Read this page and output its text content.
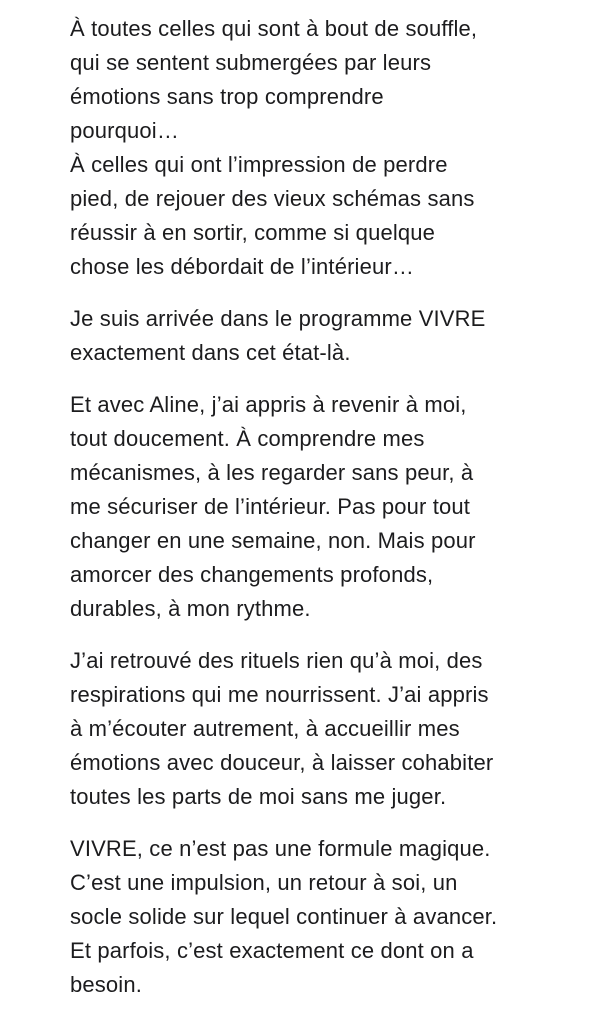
À toutes celles qui sont à bout de souffle,
qui se sentent submergées par leurs
émotions sans trop comprendre
pourquoi…
À celles qui ont l’impression de perdre
pied, de rejouer des vieux schémas sans
réussir à en sortir, comme si quelque
chose les débordait de l’intérieur…

Je suis arrivée dans le programme VIVRE
exactement dans cet état-là.

Et avec Aline, j’ai appris à revenir à moi,
tout doucement. À comprendre mes
mécanismes, à les regarder sans peur, à
me sécuriser de l’intérieur. Pas pour tout
changer en une semaine, non. Mais pour
amorcer des changements profonds,
durables, à mon rythme.

J’ai retrouvé des rituels rien qu’à moi, des
respirations qui me nourrissent. J’ai appris
à m’écouter autrement, à accueillir mes
émotions avec douceur, à laisser cohabiter
toutes les parts de moi sans me juger.

VIVRE, ce n’est pas une formule magique.
C’est une impulsion, un retour à soi, un
socle solide sur lequel continuer à avancer.
Et parfois, c’est exactement ce dont on a
besoin.
